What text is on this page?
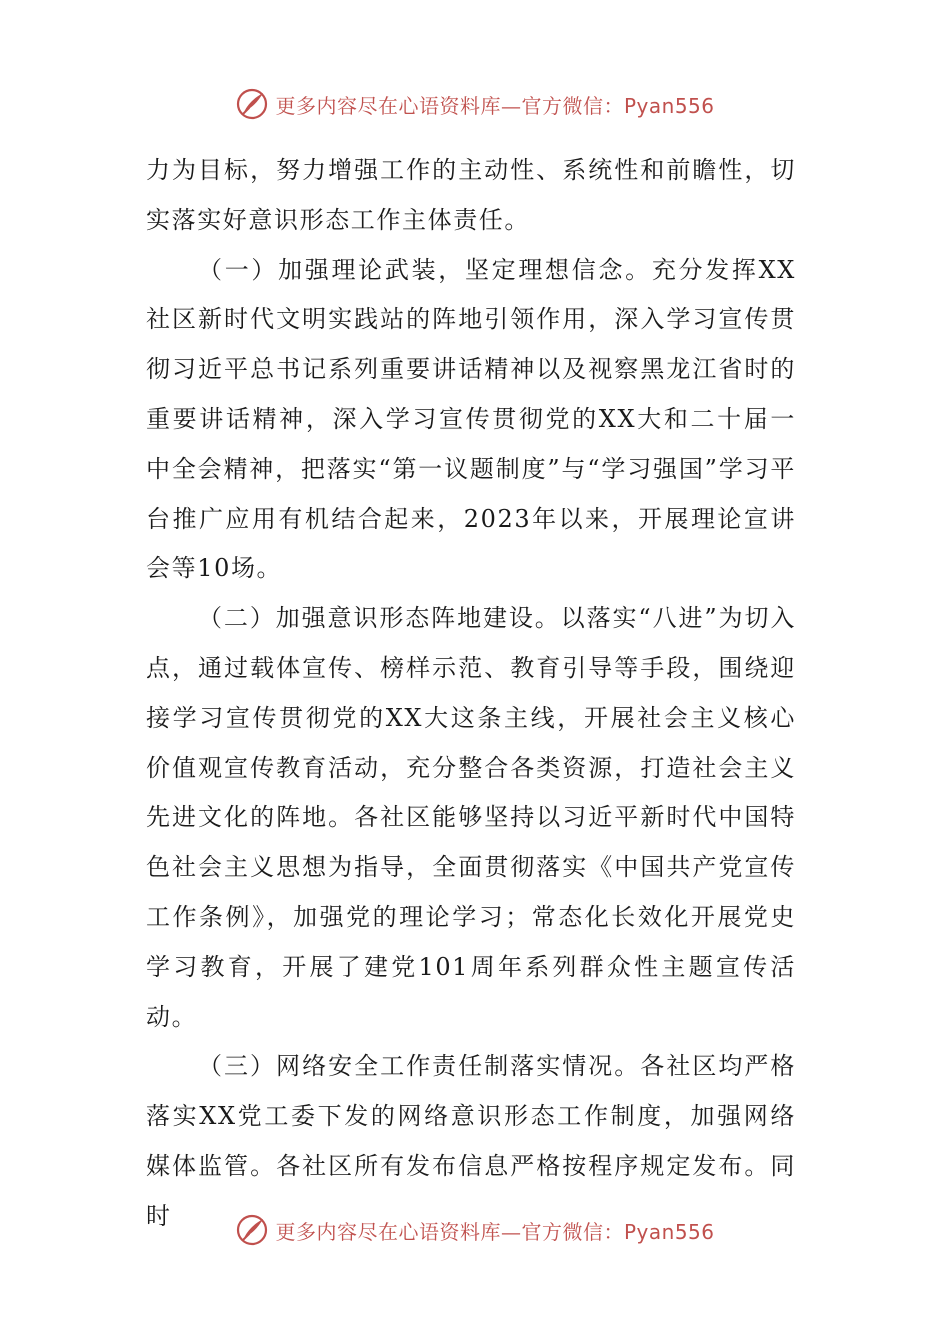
更多内容尽在心语资料库—官方微信：Pyan556

力为目标，努力增强工作的主动性、系统性和前瞻性，切实落实好意识形态工作主体责任。

（一）加强理论武装，坚定理想信念。充分发挥XX社区新时代文明实践站的阵地引领作用，深入学习宣传贯彻习近平总书记系列重要讲话精神以及视察黑龙江省时的重要讲话精神，深入学习宣传贯彻党的XX大和二十届一中全会精神，把落实“第一议题制度”与“学习强国”学习平台推广应用有机结合起来，2023年以来，开展理论宣讲会等10场。

（二）加强意识形态阵地建设。以落实“八进”为切入点，通过载体宣传、榜样示范、教育引导等手段，围绕迎接学习宣传贯彻党的XX大这条主线，开展社会主义核心价值观宣传教育活动，充分整合各类资源，打造社会主义先进文化的阵地。各社区能够坚持以习近平新时代中国特色社会主义思想为指导，全面贯彻落实《中国共产党宣传工作条例》，加强党的理论学习；常态化长效化开展党史学习教育，开展了建党101周年系列群众性主题宣传活动。

（三）网络安全工作责任制落实情况。各社区均严格落实XX党工委下发的网络意识形态工作制度，加强网络媒体监管。各社区所有发布信息严格按程序规定发布。同时

更多内容尽在心语资料库—官方微信：Pyan556
